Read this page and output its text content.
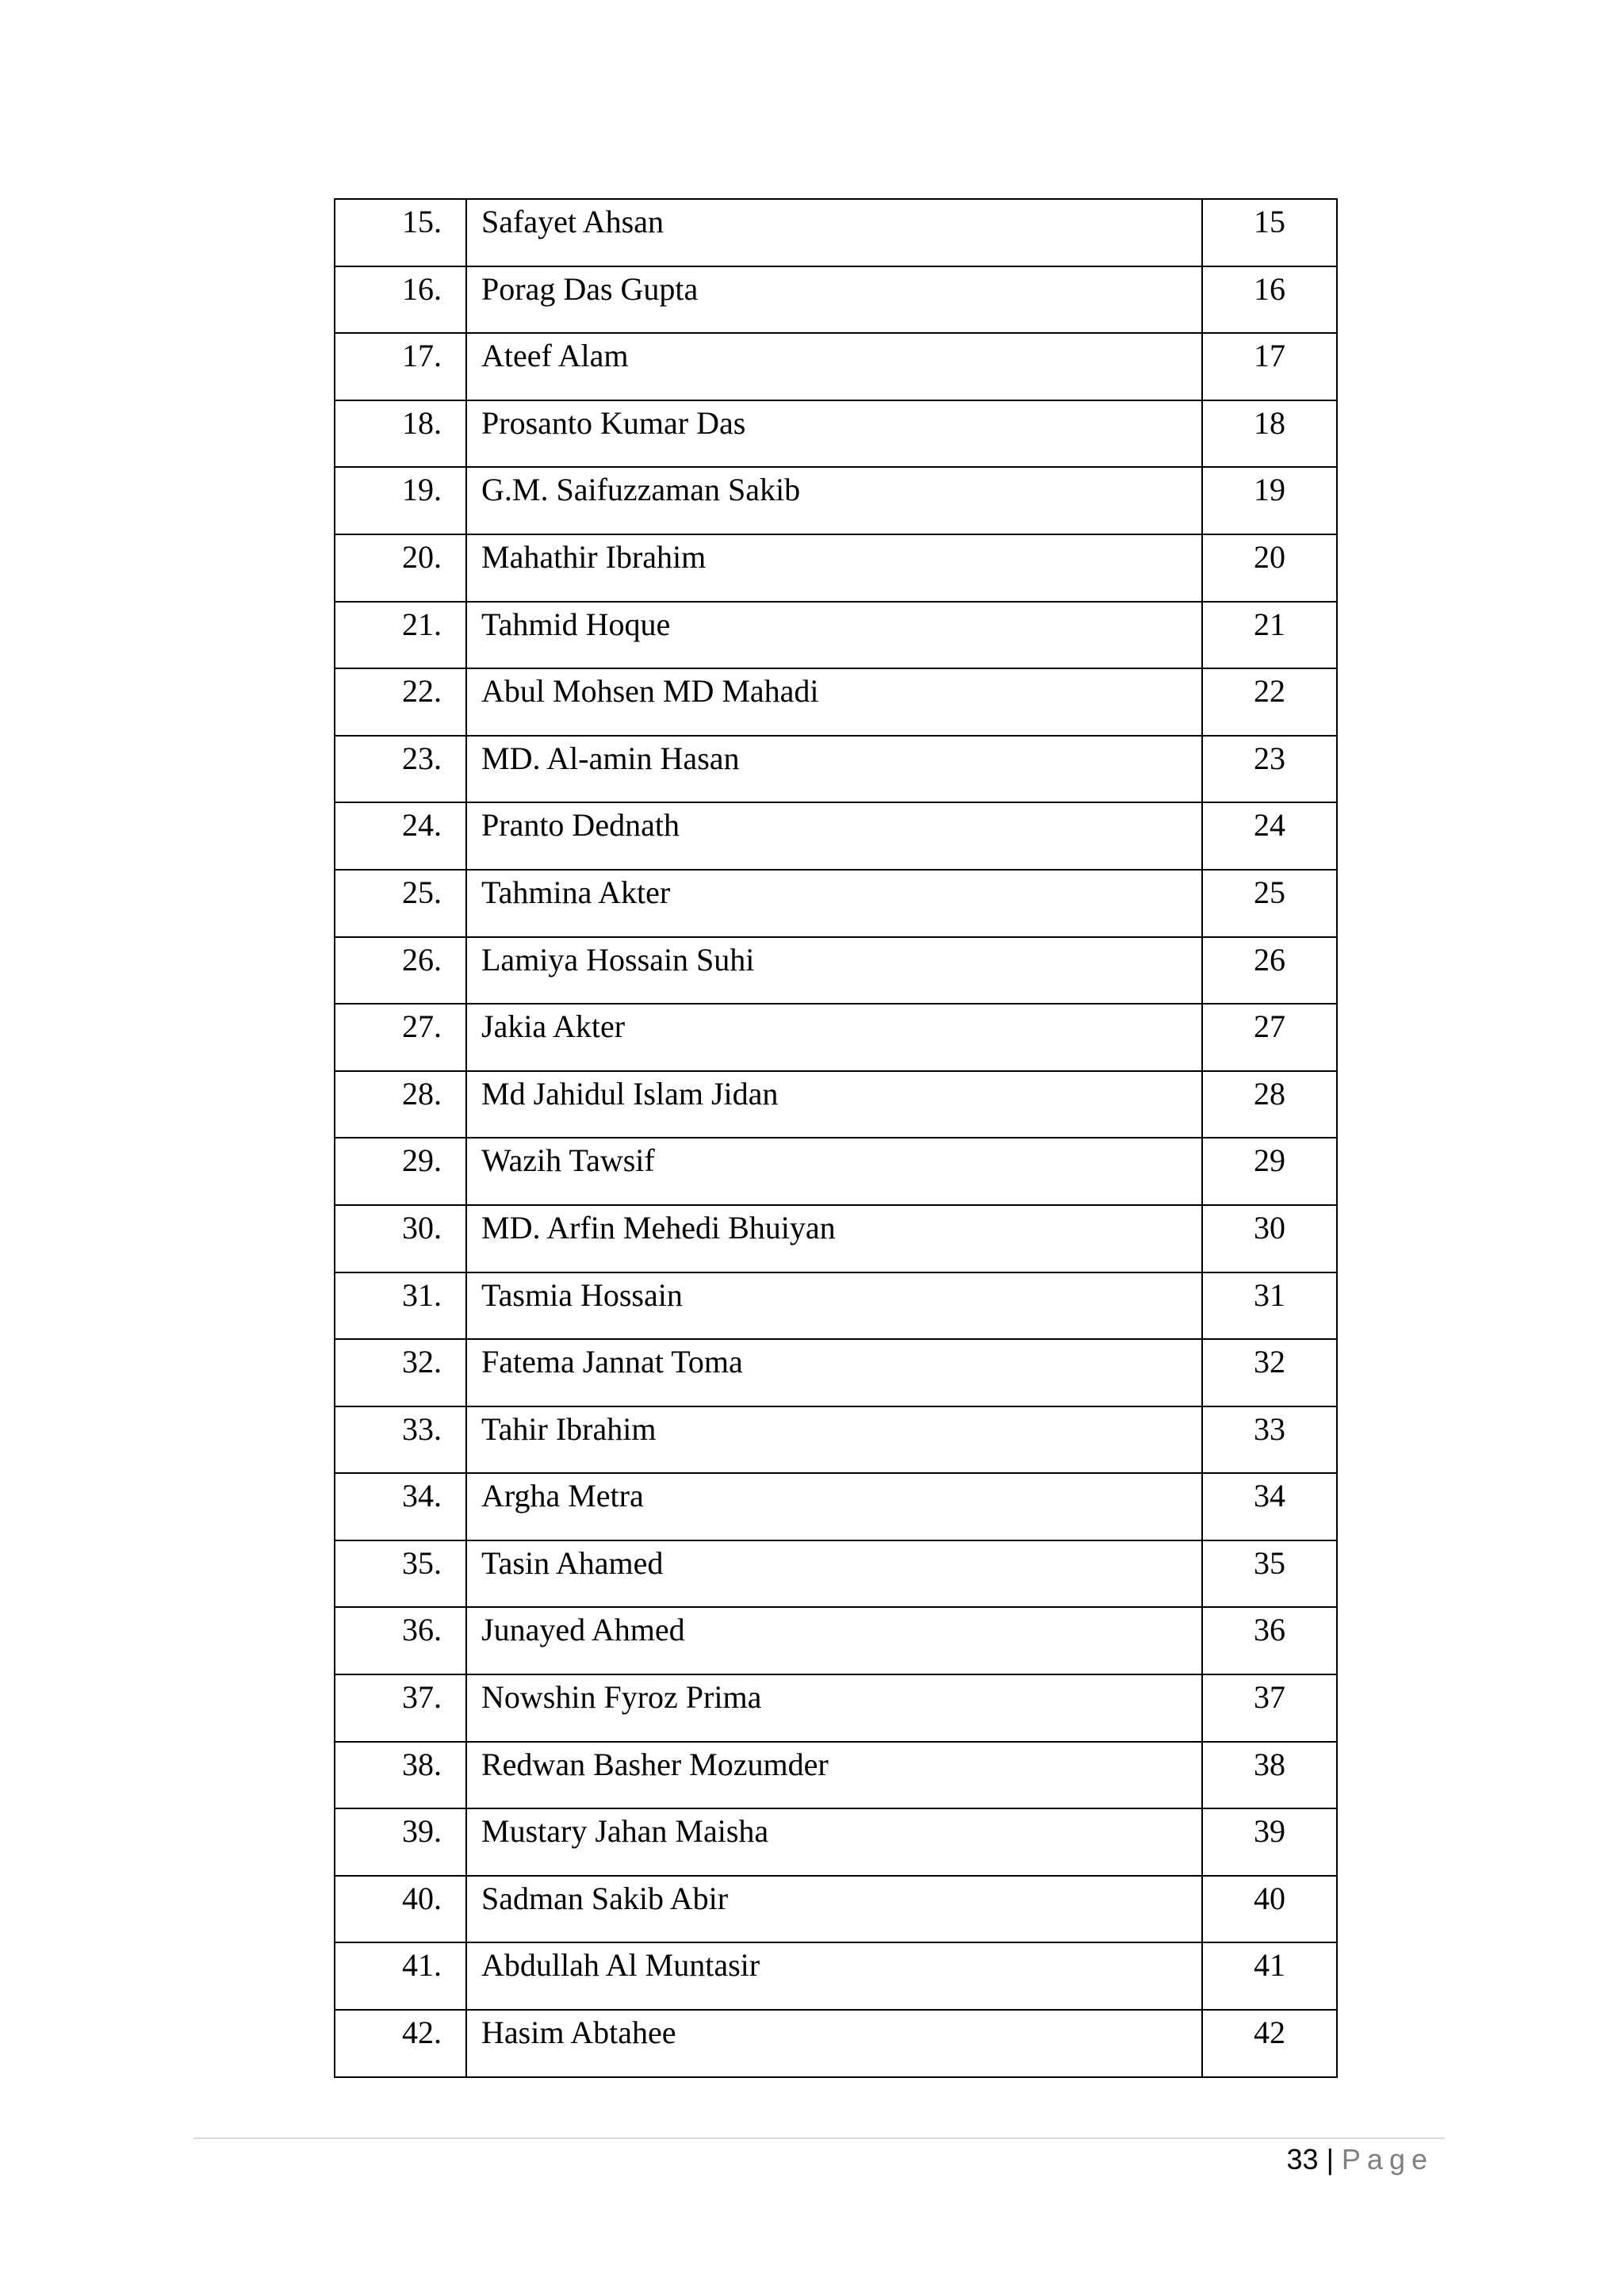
15.	Safayet Ahsan	15
16.	Porag Das Gupta	16
17.	Ateef Alam	17
18.	Prosanto Kumar Das	18
19.	G.M. Saifuzzaman Sakib	19
20.	Mahathir Ibrahim	20
21.	Tahmid Hoque	21
22.	Abul Mohsen MD Mahadi	22
23.	MD. Al-amin Hasan	23
24.	Pranto Dednath	24
25.	Tahmina Akter	25
26.	Lamiya Hossain Suhi	26
27.	Jakia Akter	27
28.	Md Jahidul Islam Jidan	28
29.	Wazih Tawsif	29
30.	MD. Arfin Mehedi Bhuiyan	30
31.	Tasmia Hossain	31
32.	Fatema Jannat Toma	32
33.	Tahir Ibrahim	33
34.	Argha Metra	34
35.	Tasin Ahamed	35
36.	Junayed Ahmed	36
37.	Nowshin Fyroz Prima	37
38.	Redwan Basher Mozumder	38
39.	Mustary Jahan Maisha	39
40.	Sadman Sakib Abir	40
41.	Abdullah Al Muntasir	41
42.	Hasim Abtahee	42
33 | Page
